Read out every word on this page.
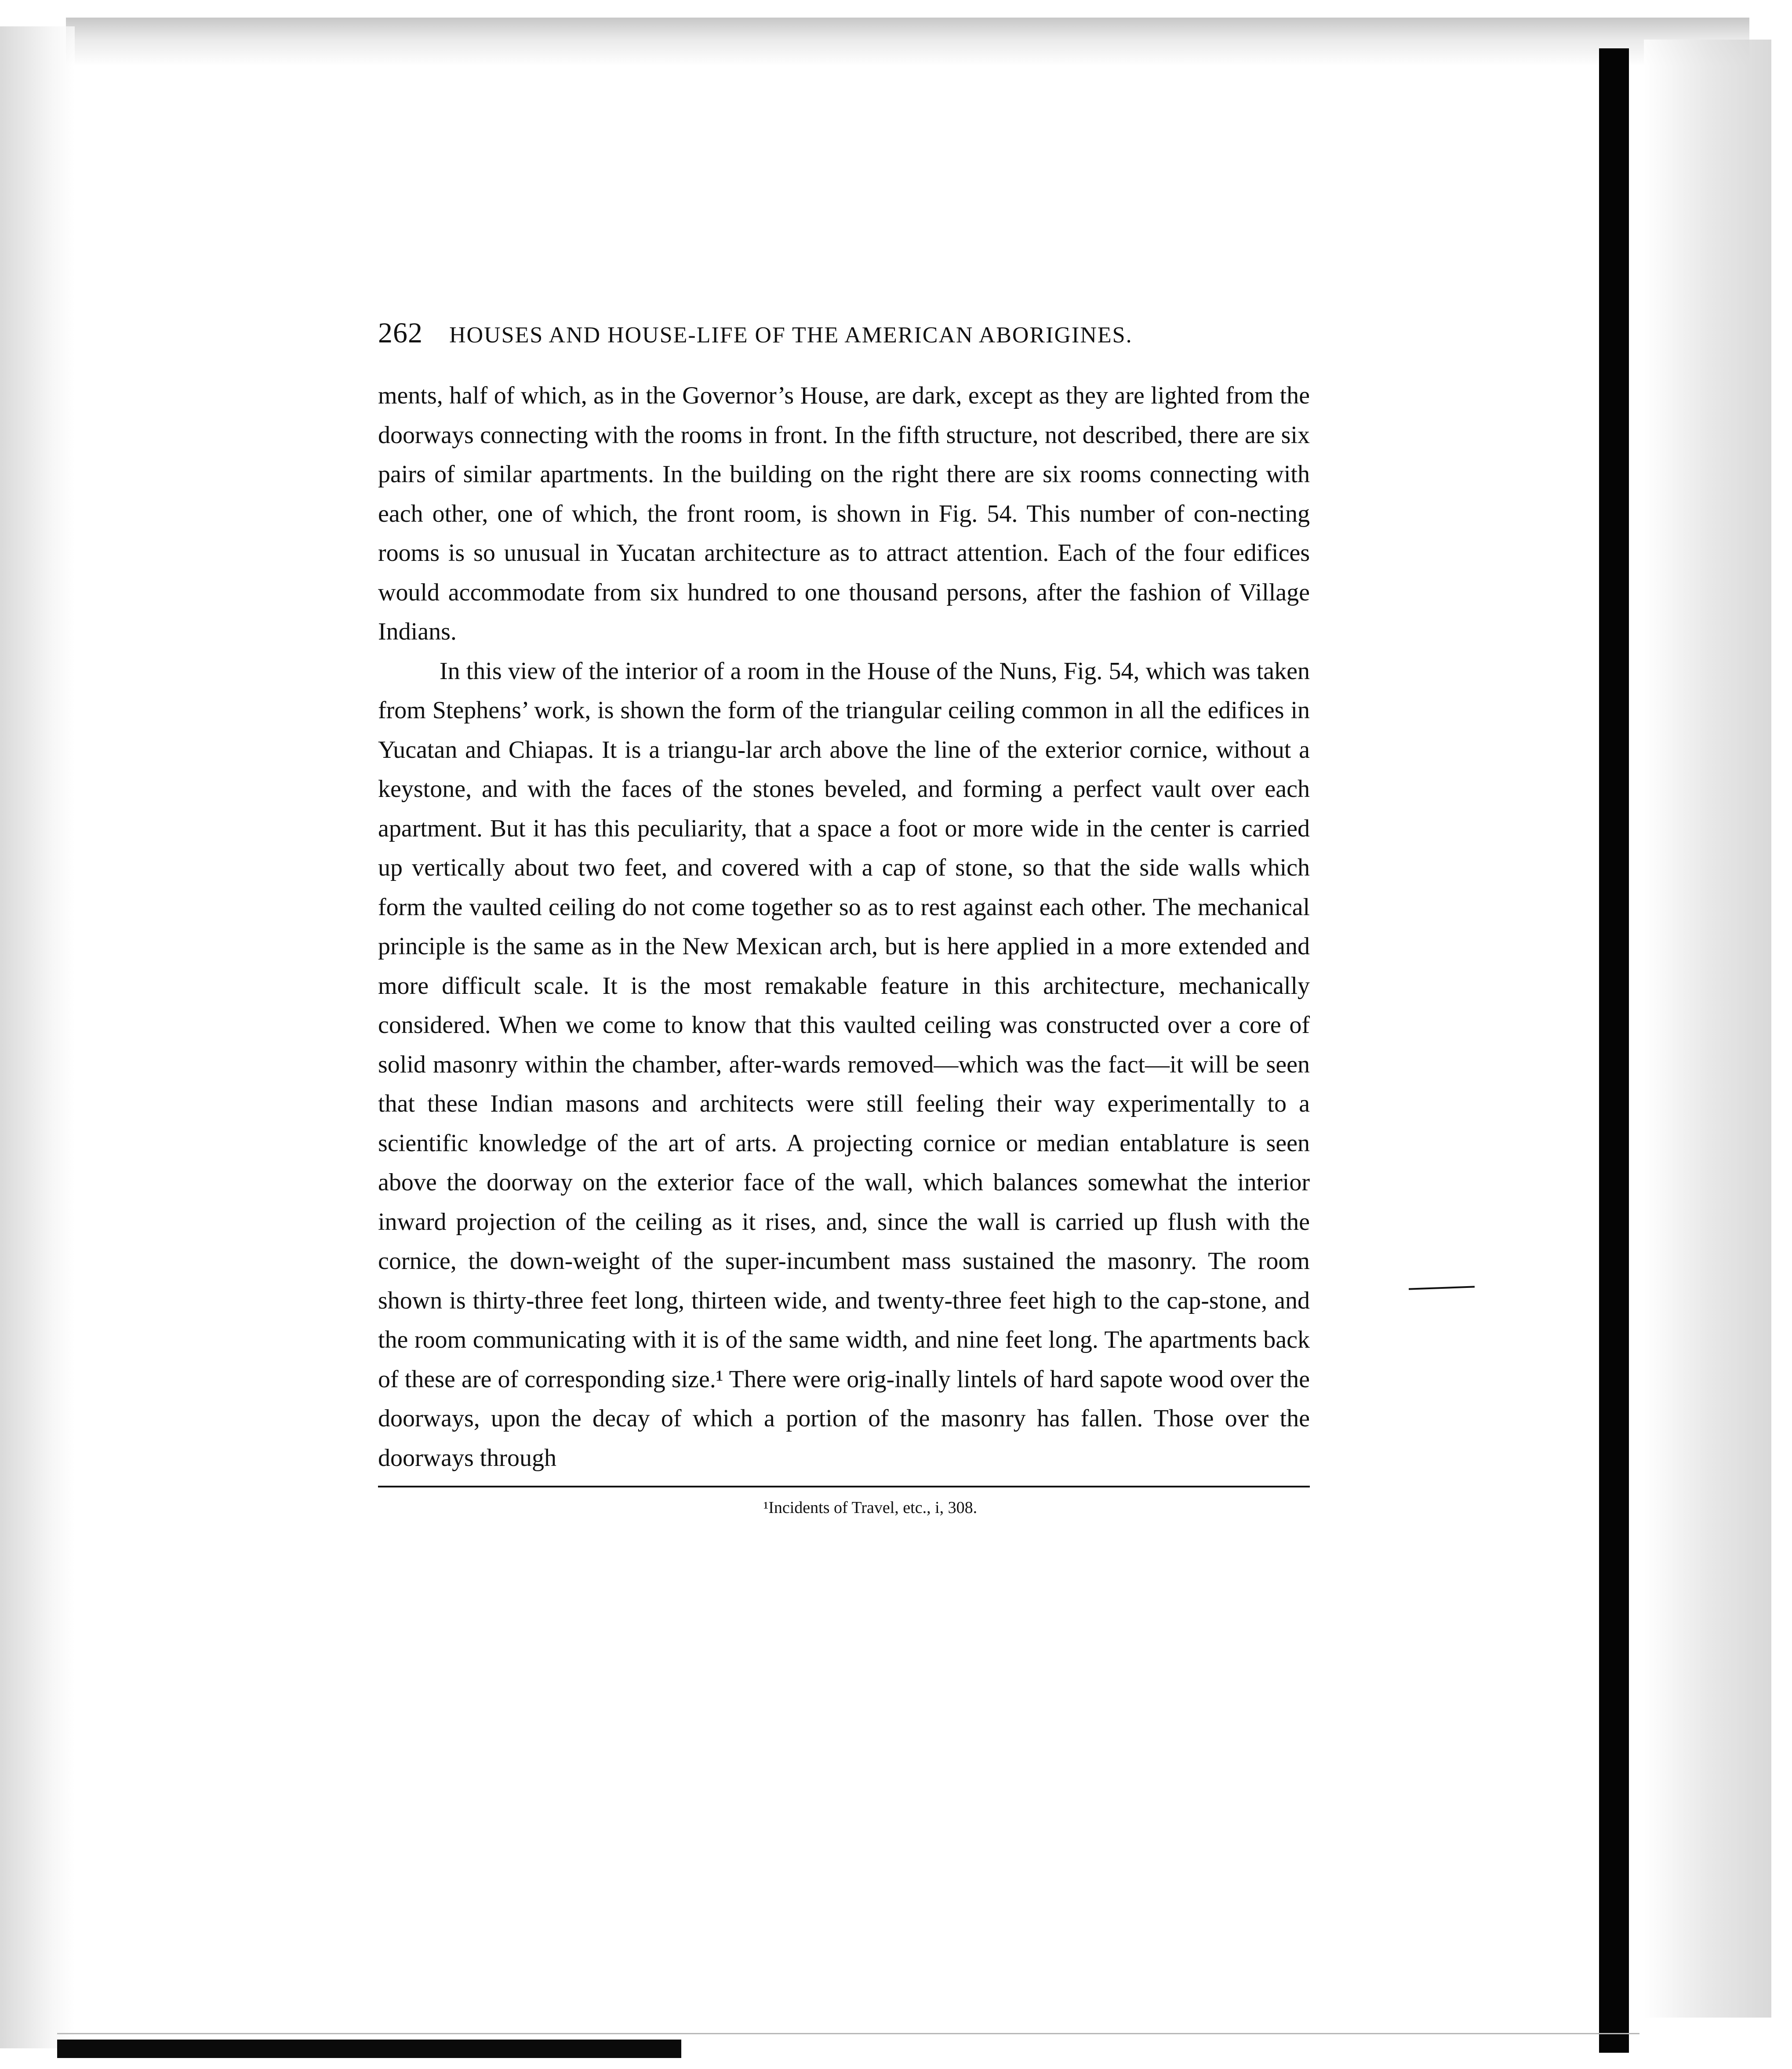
262 HOUSES AND HOUSE-LIFE OF THE AMERICAN ABORIGINES.

ments, half of which, as in the Governor’s House, are dark, except as they are lighted from the doorways connecting with the rooms in front. In the fifth structure, not described, there are six pairs of similar apartments. In the building on the right there are six rooms connecting with each other, one of which, the front room, is shown in Fig. 54. This number of con-necting rooms is so unusual in Yucatan architecture as to attract attention. Each of the four edifices would accommodate from six hundred to one thousand persons, after the fashion of Village Indians.

In this view of the interior of a room in the House of the Nuns, Fig. 54, which was taken from Stephens’ work, is shown the form of the triangular ceiling common in all the edifices in Yucatan and Chiapas. It is a triangu-lar arch above the line of the exterior cornice, without a keystone, and with the faces of the stones beveled, and forming a perfect vault over each apartment. But it has this peculiarity, that a space a foot or more wide in the center is carried up vertically about two feet, and covered with a cap of stone, so that the side walls which form the vaulted ceiling do not come together so as to rest against each other. The mechanical principle is the same as in the New Mexican arch, but is here applied in a more extended and more difficult scale. It is the most remakable feature in this architecture, mechanically considered. When we come to know that this vaulted ceiling was constructed over a core of solid masonry within the chamber, after-wards removed—which was the fact—it will be seen that these Indian masons and architects were still feeling their way experimentally to a scientific knowledge of the art of arts. A projecting cornice or median entablature is seen above the doorway on the exterior face of the wall, which balances somewhat the interior inward projection of the ceiling as it rises, and, since the wall is carried up flush with the cornice, the down-weight of the super-incumbent mass sustained the masonry. The room shown is thirty-three feet long, thirteen wide, and twenty-three feet high to the cap-stone, and the room communicating with it is of the same width, and nine feet long. The apartments back of these are of corresponding size.¹ There were orig-inally lintels of hard sapote wood over the doorways, upon the decay of which a portion of the masonry has fallen. Those over the doorways through

¹Incidents of Travel, etc., i, 308.
